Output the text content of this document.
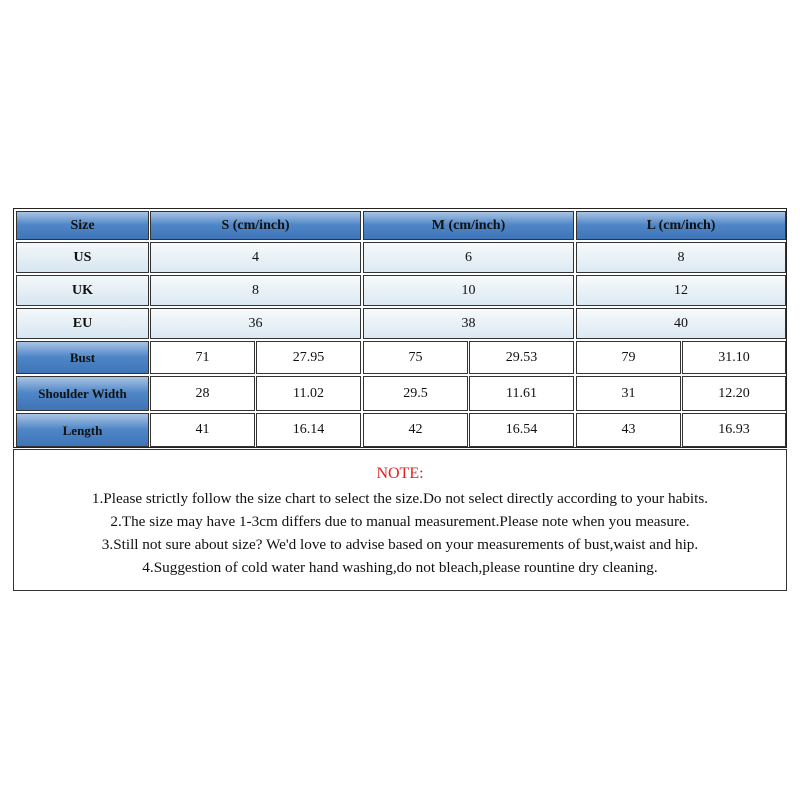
Size	S (cm/inch)	M (cm/inch)	L (cm/inch)
US	4	6	8
UK	8	10	12
EU	36	38	40
Bust	71	27.95	75	29.53	79	31.10
Shoulder Width	28	11.02	29.5	11.61	31	12.20
Length	41	16.14	42	16.54	43	16.93
NOTE:
1.Please strictly follow the size chart to select the size.Do not select directly according to your habits.
2.The size may have 1-3cm differs due to manual measurement.Please note when you measure.
3.Still not sure about size? We'd love to advise based on your measurements of bust,waist and hip.
4.Suggestion of cold water hand washing,do not bleach,please rountine dry cleaning.
